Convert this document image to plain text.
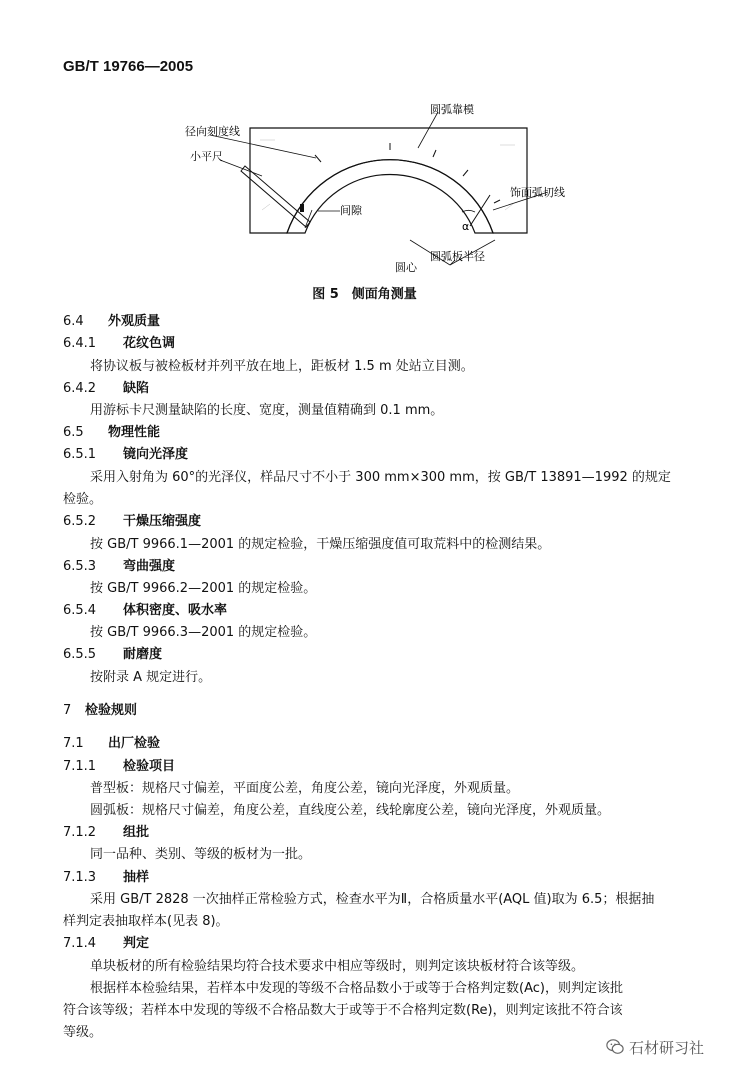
GB/T 19766—2005
圆弧靠模
径向刻度线
小平尺
间隙
饰面弧切线
α
圆弧板半径
圆心
图 5　侧面角测量
6.4 外观质量
6.4.1 花纹色调
将协议板与被检板材并列平放在地上，距板材 1.5 m 处站立目测。
6.4.2 缺陷
用游标卡尺测量缺陷的长度、宽度，测量值精确到 0.1 mm。
6.5 物理性能
6.5.1 镜向光泽度
采用入射角为 60°的光泽仪，样品尺寸不小于 300 mm×300 mm，按 GB/T 13891—1992 的规定
检验。
6.5.2 干燥压缩强度
按 GB/T 9966.1—2001 的规定检验，干燥压缩强度值可取荒料中的检测结果。
6.5.3 弯曲强度
按 GB/T 9966.2—2001 的规定检验。
6.5.4 体积密度、吸水率
按 GB/T 9966.3—2001 的规定检验。
6.5.5 耐磨度
按附录 A 规定进行。
7 检验规则
7.1 出厂检验
7.1.1 检验项目
普型板：规格尺寸偏差，平面度公差，角度公差，镜向光泽度，外观质量。
圆弧板：规格尺寸偏差，角度公差，直线度公差，线轮廓度公差，镜向光泽度，外观质量。
7.1.2 组批
同一品种、类别、等级的板材为一批。
7.1.3 抽样
采用 GB/T 2828 一次抽样正常检验方式，检查水平为Ⅱ，合格质量水平(AQL 值)取为 6.5；根据抽
样判定表抽取样本(见表 8)。
7.1.4 判定
单块板材的所有检验结果均符合技术要求中相应等级时，则判定该块板材符合该等级。
根据样本检验结果，若样本中发现的等级不合格品数小于或等于合格判定数(Ac)，则判定该批
符合该等级；若样本中发现的等级不合格品数大于或等于不合格判定数(Re)，则判定该批不符合该
等级。
石材研习社
